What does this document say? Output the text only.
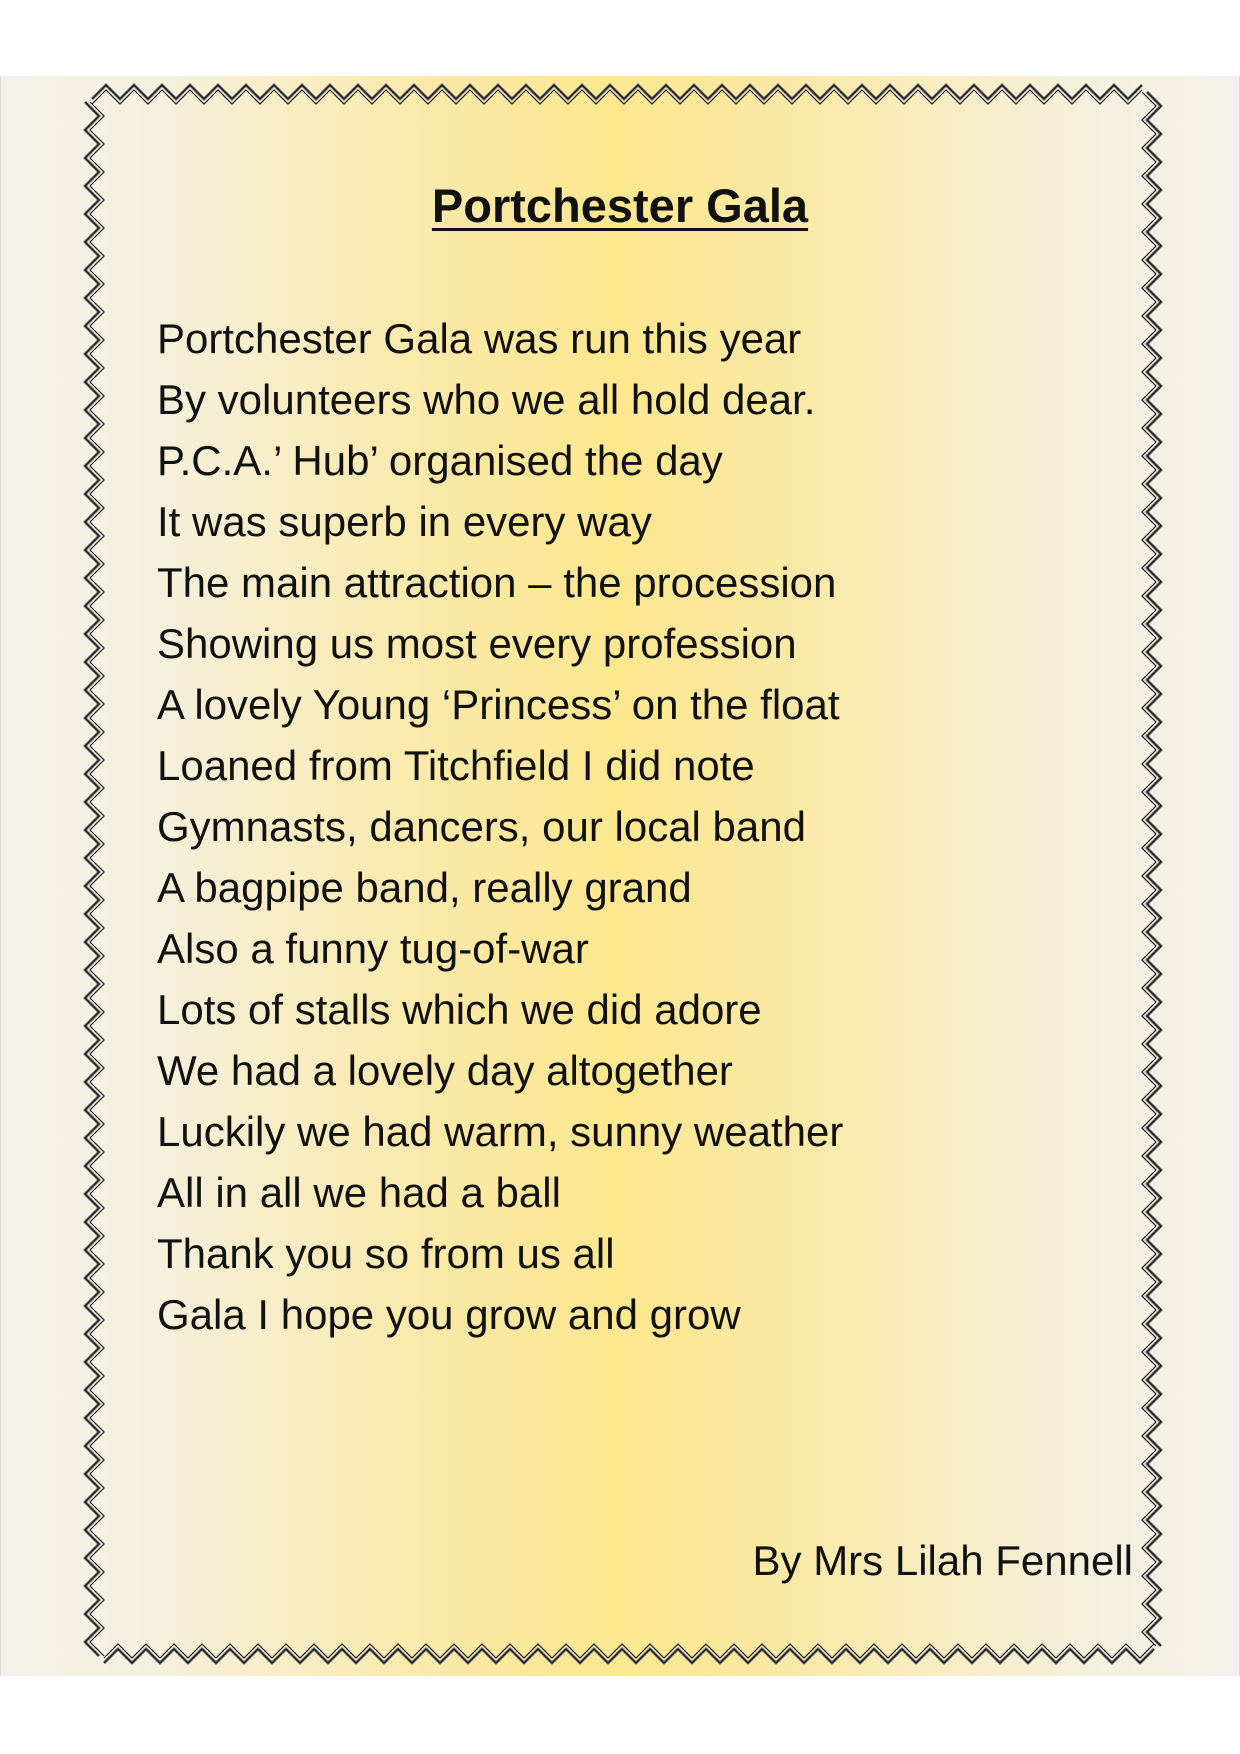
Portchester Gala
Portchester Gala was run this year
By volunteers who we all hold dear.
P.C.A.’ Hub’ organised the day
It was superb in every way
The main attraction – the procession
Showing us most every profession
A lovely Young ‘Princess’ on the float
Loaned from Titchfield I did note
Gymnasts, dancers, our local band
A bagpipe band, really grand
Also a funny tug-of-war
Lots of stalls which we did adore
We had a lovely day altogether
Luckily we had warm, sunny weather
All in all we had a ball
Thank you so from us all
Gala I hope you grow and grow
By Mrs Lilah Fennell
